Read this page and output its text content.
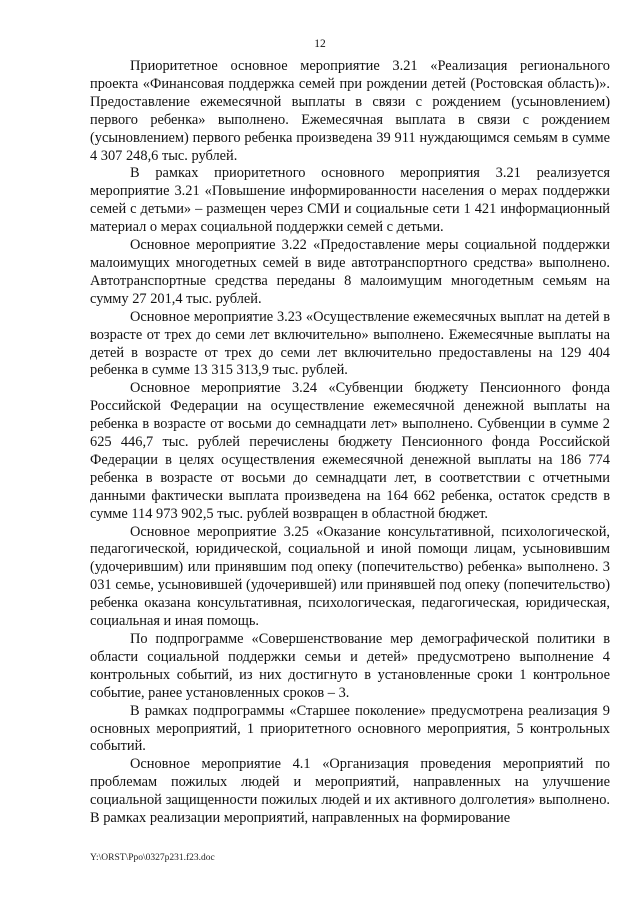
12

Приоритетное основное мероприятие 3.21 «Реализация регионального проекта «Финансовая поддержка семей при рождении детей (Ростовская область)». Предоставление ежемесячной выплаты в связи с рождением (усыновлением) первого ребенка» выполнено. Ежемесячная выплата в связи с рождением (усыновлением) первого ребенка произведена 39 911 нуждающимся семьям в сумме 4 307 248,6 тыс. рублей.

В рамках приоритетного основного мероприятия 3.21 реализуется мероприятие 3.21 «Повышение информированности населения о мерах поддержки семей с детьми» – размещен через СМИ и социальные сети 1 421 информационный материал о мерах социальной поддержки семей с детьми.

Основное мероприятие 3.22 «Предоставление меры социальной поддержки малоимущих многодетных семей в виде автотранспортного средства» выполнено. Автотранспортные средства переданы 8 малоимущим многодетным семьям на сумму 27 201,4 тыс. рублей.

Основное мероприятие 3.23 «Осуществление ежемесячных выплат на детей в возрасте от трех до семи лет включительно» выполнено. Ежемесячные выплаты на детей в возрасте от трех до семи лет включительно предоставлены на 129 404 ребенка в сумме 13 315 313,9 тыс. рублей.

Основное мероприятие 3.24 «Субвенции бюджету Пенсионного фонда Российской Федерации на осуществление ежемесячной денежной выплаты на ребенка в возрасте от восьми до семнадцати лет» выполнено. Субвенции в сумме 2 625 446,7 тыс. рублей перечислены бюджету Пенсионного фонда Российской Федерации в целях осуществления ежемесячной денежной выплаты на 186 774 ребенка в возрасте от восьми до семнадцати лет, в соответствии с отчетными данными фактически выплата произведена на 164 662 ребенка, остаток средств в сумме 114 973 902,5 тыс. рублей возвращен в областной бюджет.

Основное мероприятие 3.25 «Оказание консультативной, психологической, педагогической, юридической, социальной и иной помощи лицам, усыновившим (удочерившим) или принявшим под опеку (попечительство) ребенка» выполнено. 3 031 семье, усыновившей (удочерившей) или принявшей под опеку (попечительство) ребенка оказана консультативная, психологическая, педагогическая, юридическая, социальная и иная помощь.

По подпрограмме «Совершенствование мер демографической политики в области социальной поддержки семьи и детей» предусмотрено выполнение 4 контрольных событий, из них достигнуто в установленные сроки 1 контрольное событие, ранее установленных сроков – 3.

В рамках подпрограммы «Старшее поколение» предусмотрена реализация 9 основных мероприятий, 1 приоритетного основного мероприятия, 5 контрольных событий.

Основное мероприятие 4.1 «Организация проведения мероприятий по проблемам пожилых людей и мероприятий, направленных на улучшение социальной защищенности пожилых людей и их активного долголетия» выполнено. В рамках реализации мероприятий, направленных на формирование

Y:\ORST\Ppo\0327p231.f23.doc
